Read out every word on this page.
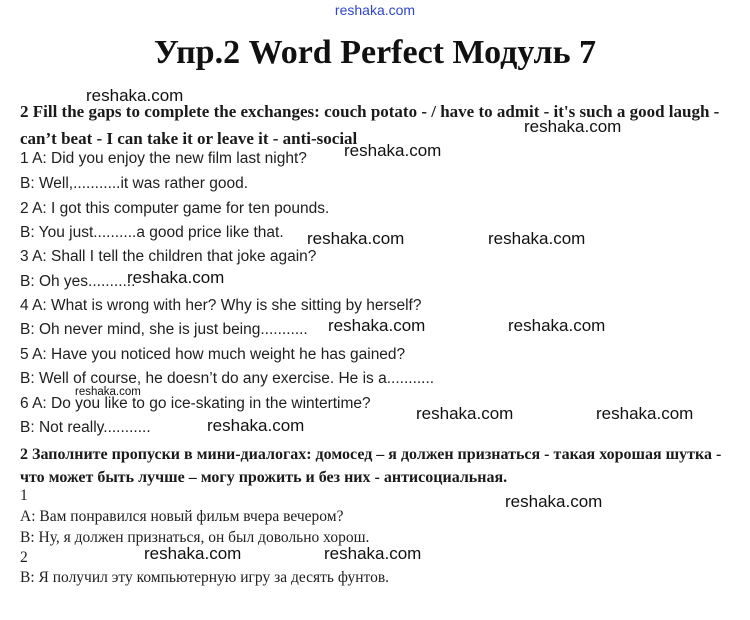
reshaka.com
Упр.2 Word Perfect Модуль 7
2 Fill the gaps to complete the exchanges: couch potato - / have to admit - it's such a good laugh -can’t beat - I can take it or leave it - anti-social
1 A: Did you enjoy the new film last night?
B: Well,...........it was rather good.
2 A: I got this computer game for ten pounds.
B: You just..........a good price like that.
3 A: Shall I tell the children that joke again?
B: Oh yes...........
4 A: What is wrong with her? Why is she sitting by herself?
B: Oh never mind, she is just being...........
5 A: Have you noticed how much weight he has gained?
B: Well of course, he doesn’t do any exercise. He is a...........
6 A: Do you like to go ice-skating in the wintertime?
B: Not really...........
2 Заполните пропуски в мини-диалогах: домосед – я должен признаться - такая хорошая шутка - что может быть лучше – могу прожить и без них - антисоциальная.
1
A: Вам понравился новый фильм вчера вечером?
B: Ну, я должен признаться, он был довольно хорош.
2
B: Я получил эту компьютерную игру за десять фунтов.
reshaka.com
reshaka.com
reshaka.com
reshaka.com	reshaka.com
reshaka.com
reshaka.com	reshaka.com
reshaka.com
reshaka.com	reshaka.com
reshaka.com
reshaka.com
reshaka.com	reshaka.com
